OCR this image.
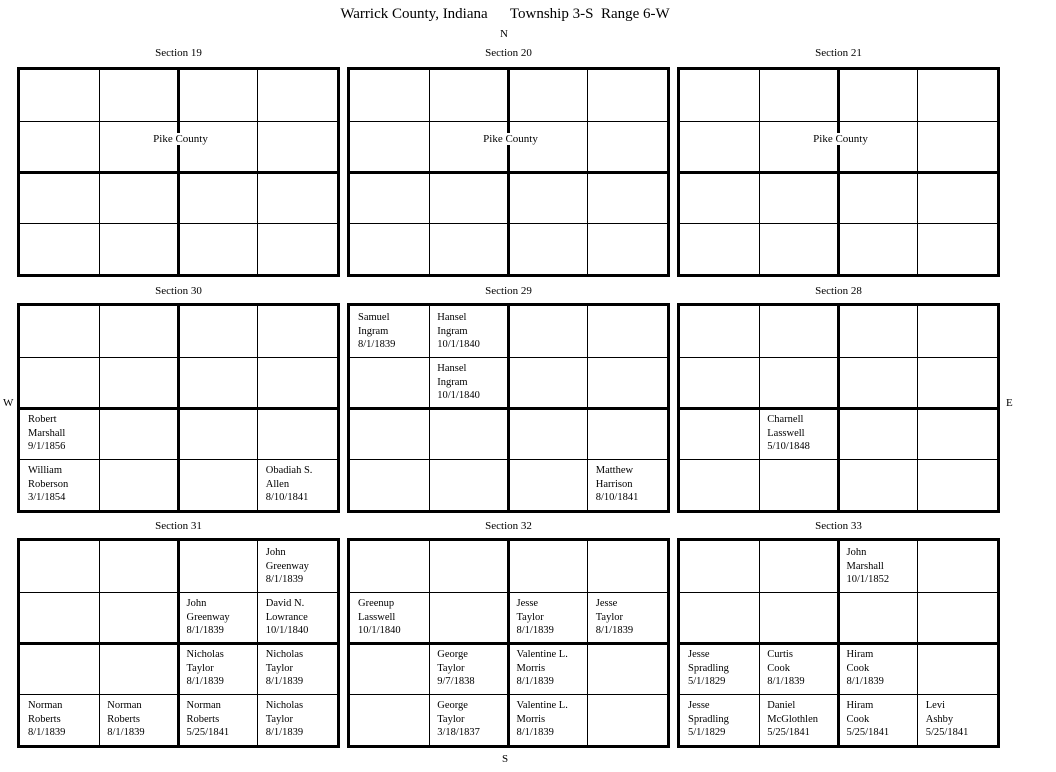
Warrick County, Indiana      Township 3-S  Range 6-W
N
S
W	E
Section 19
Pike County
Section 20
Pike County
Section 21
Pike County
Section 30
Robert
Marshall
9/1/1856
William
Roberson
3/1/1854
Obadiah S.
Allen
8/10/1841
Section 29
Samuel
Ingram
8/1/1839
Hansel
Ingram
10/1/1840
Hansel
Ingram
10/1/1840
Matthew
Harrison
8/10/1841
Section 28
Charnell
Lasswell
5/10/1848
Section 31
John
Greenway
8/1/1839
John
Greenway
8/1/1839
David N.
Lowrance
10/1/1840
Nicholas
Taylor
8/1/1839
Nicholas
Taylor
8/1/1839
Norman
Roberts
8/1/1839
Norman
Roberts
8/1/1839
Norman
Roberts
5/25/1841
Nicholas
Taylor
8/1/1839
Section 32
Greenup
Lasswell
10/1/1840
Jesse
Taylor
8/1/1839
Jesse
Taylor
8/1/1839
George
Taylor
9/7/1838
Valentine L.
Morris
8/1/1839
George
Taylor
3/18/1837
Valentine L.
Morris
8/1/1839
Section 33
John
Marshall
10/1/1852
Jesse
Spradling
5/1/1829
Curtis
Cook
8/1/1839
Hiram
Cook
8/1/1839
Jesse
Spradling
5/1/1829
Daniel
McGlothlen
5/25/1841
Hiram
Cook
5/25/1841
Levi
Ashby
5/25/1841
